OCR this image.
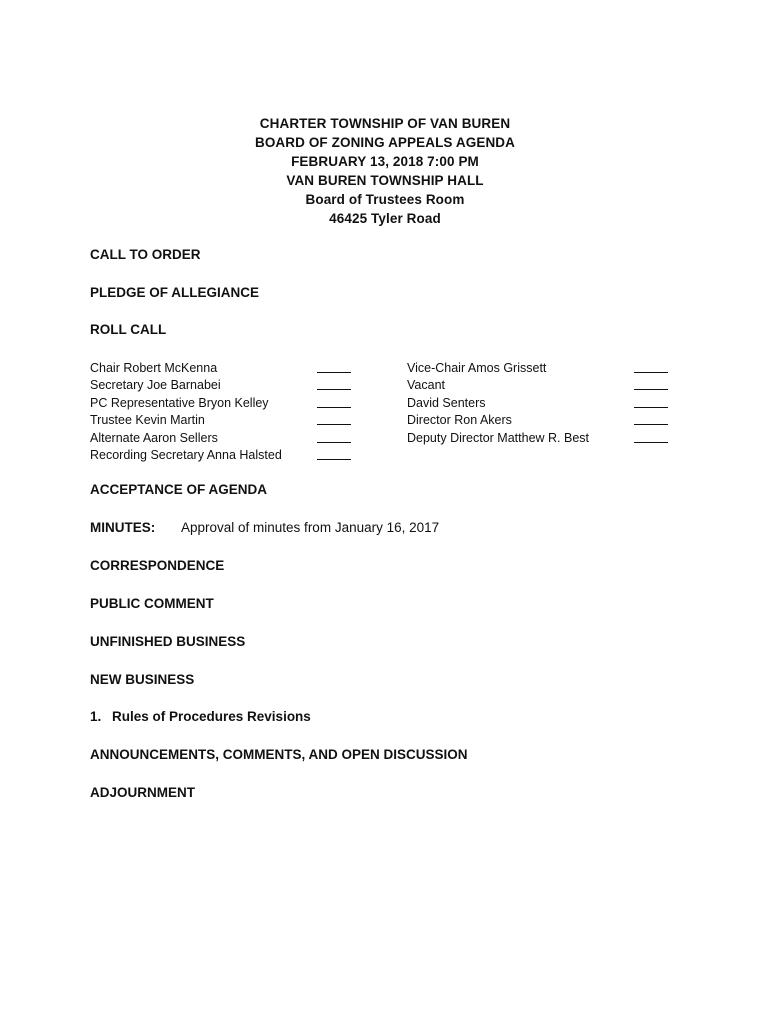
CHARTER TOWNSHIP OF VAN BUREN
BOARD OF ZONING APPEALS AGENDA
FEBRUARY 13, 2018 7:00 PM
VAN BUREN TOWNSHIP HALL
Board of Trustees Room
46425 Tyler Road
CALL TO ORDER
PLEDGE OF ALLEGIANCE
ROLL CALL
Chair Robert McKenna	Vice-Chair Amos Grissett
Secretary Joe Barnabei	Vacant
PC Representative Bryon Kelley	David Senters
Trustee Kevin Martin	Director Ron Akers
Alternate Aaron Sellers	Deputy Director Matthew R. Best
Recording Secretary Anna Halsted
ACCEPTANCE OF AGENDA
MINUTES: Approval of minutes from January 16, 2017
CORRESPONDENCE
PUBLIC COMMENT
UNFINISHED BUSINESS
NEW BUSINESS
1. Rules of Procedures Revisions
ANNOUNCEMENTS, COMMENTS, AND OPEN DISCUSSION
ADJOURNMENT
